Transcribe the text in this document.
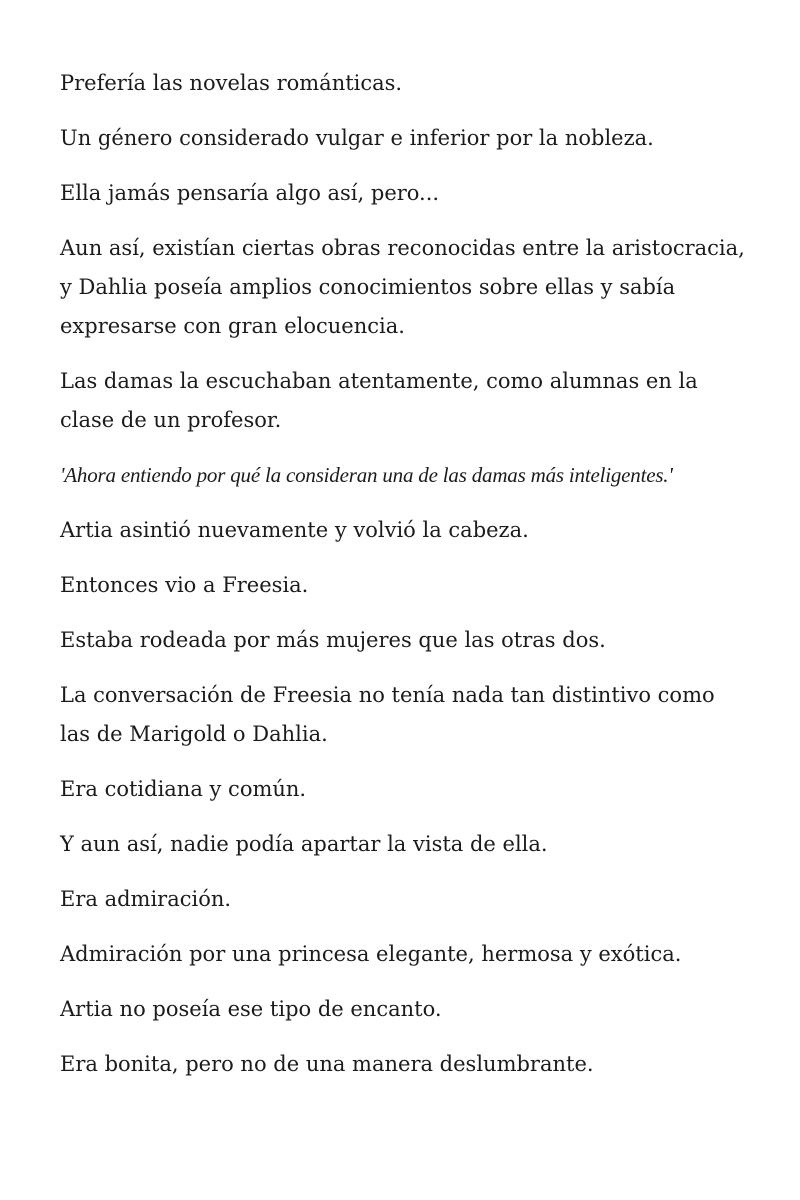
Prefería las novelas románticas.

Un género considerado vulgar e inferior por la nobleza.

Ella jamás pensaría algo así, pero...

Aun así, existían ciertas obras reconocidas entre la aristocracia, y Dahlia poseía amplios conocimientos sobre ellas y sabía expresarse con gran elocuencia.

Las damas la escuchaban atentamente, como alumnas en la clase de un profesor.

'Ahora entiendo por qué la consideran una de las damas más inteligentes.'

Artia asintió nuevamente y volvió la cabeza.

Entonces vio a Freesia.

Estaba rodeada por más mujeres que las otras dos.

La conversación de Freesia no tenía nada tan distintivo como las de Marigold o Dahlia.

Era cotidiana y común.

Y aun así, nadie podía apartar la vista de ella.

Era admiración.

Admiración por una princesa elegante, hermosa y exótica.

Artia no poseía ese tipo de encanto.

Era bonita, pero no de una manera deslumbrante.
